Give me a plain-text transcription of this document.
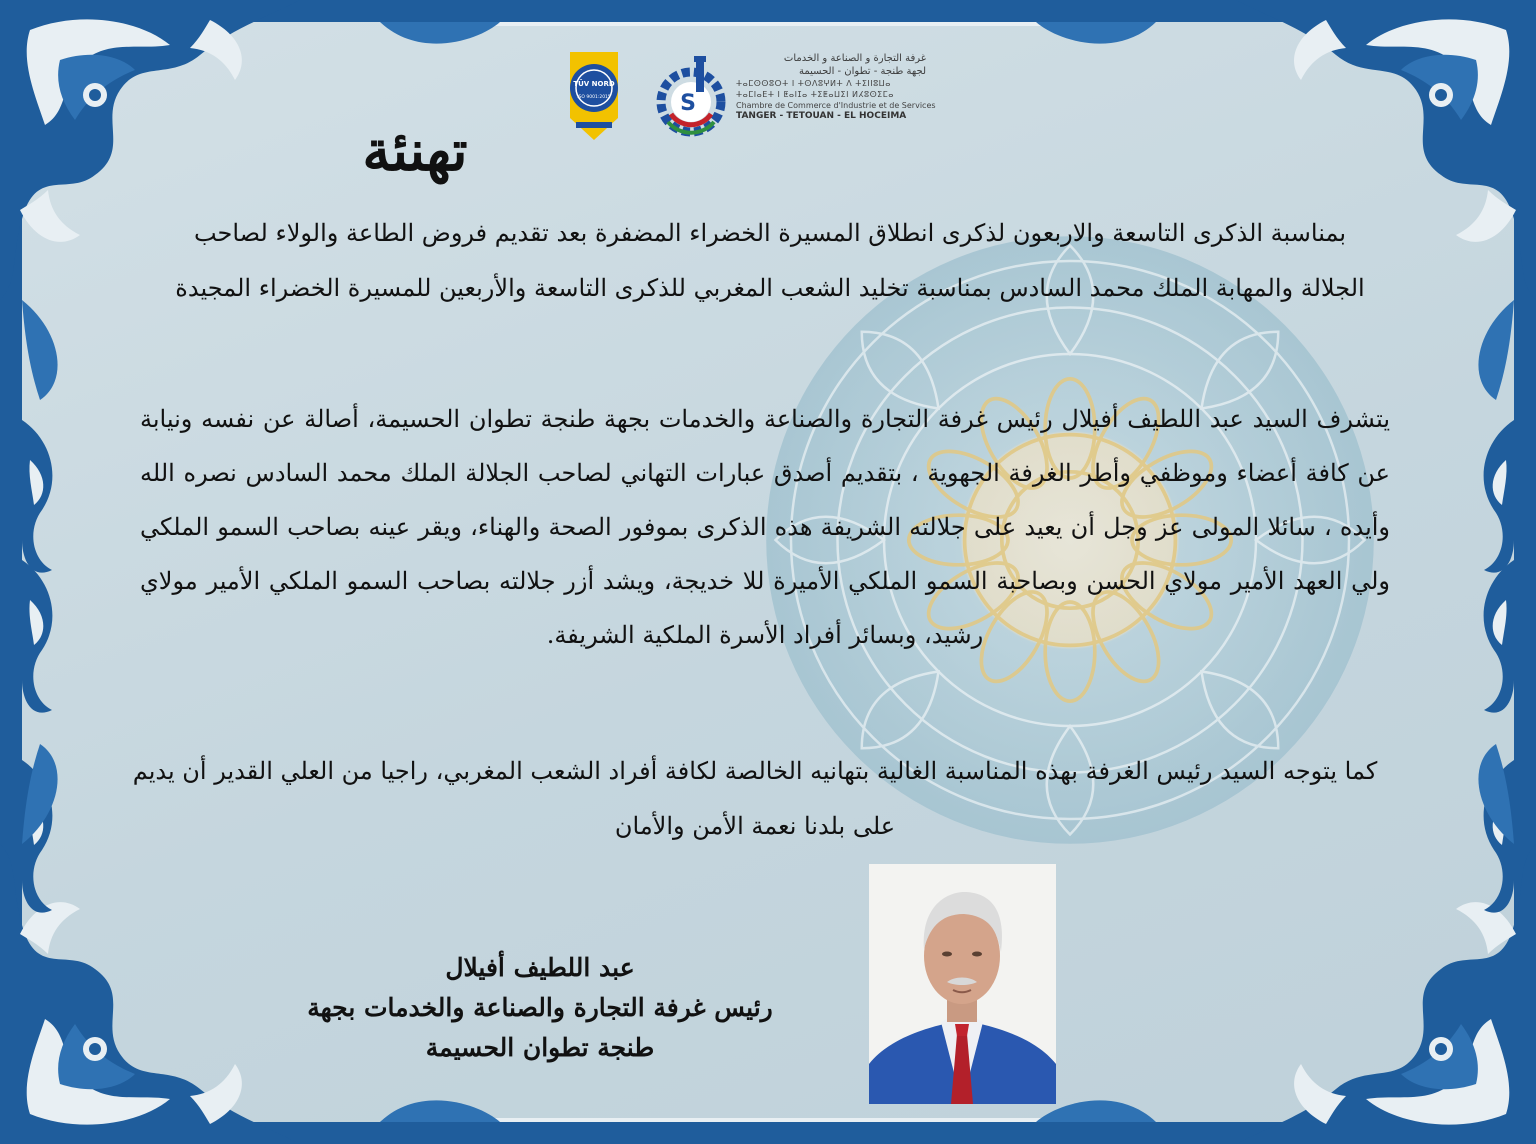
TÜV NORD
ISO 9001:2015	S
غرفة التجارة و الصناعة و الخدمات
لجهة طنجة - تطوان - الحسيمة
ⵜⴰⵎⵙⵙⵓⵔⵜ ⵏ ⵜⵙⴷⵓⵖⵍⵜ ⴷ ⵜⵉⵏⵏⵓⵡⴰ
ⵜⴰⵎⵏⴰⴹⵜ ⵏ ⵟⴰⵏⵊⴰ ⵜⵉⵟⴰⵡⵉⵏ ⵍⵃⵓⵙⵉⵎⴰ
Chambre de Commerce d'Industrie et de Services
TANGER - TETOUAN - EL HOCEIMA
تهنئة
بمناسبة الذكرى التاسعة والاربعون لذكرى انطلاق المسيرة الخضراء المضفرة بعد تقديم فروض الطاعة والولاء لصاحب الجلالة والمهابة الملك محمد السادس بمناسبة تخليد الشعب المغربي للذكرى التاسعة والأربعين للمسيرة الخضراء المجيدة
يتشرف السيد عبد اللطيف أفيلال رئيس غرفة التجارة والصناعة والخدمات بجهة طنجة تطوان الحسيمة، أصالة عن نفسه ونيابة عن كافة أعضاء وموظفي وأطر الغرفة الجهوية ، بتقديم أصدق عبارات التهاني لصاحب الجلالة الملك محمد السادس نصره الله وأيده ، سائلا المولى عز وجل أن يعيد على جلالته الشريفة هذه الذكرى بموفور الصحة والهناء، ويقر عينه بصاحب السمو الملكي ولي العهد الأمير مولاي الحسن وبصاحبة السمو الملكي الأميرة للا خديجة، ويشد أزر جلالته بصاحب السمو الملكي الأمير مولاي رشيد، وبسائر أفراد الأسرة الملكية الشريفة.
كما يتوجه السيد رئيس الغرفة بهذه المناسبة الغالية بتهانيه الخالصة لكافة أفراد الشعب المغربي، راجيا من العلي القدير أن يديم على بلدنا نعمة الأمن والأمان
عبد اللطيف أفيلال
رئيس غرفة التجارة والصناعة والخدمات بجهة
طنجة تطوان الحسيمة
